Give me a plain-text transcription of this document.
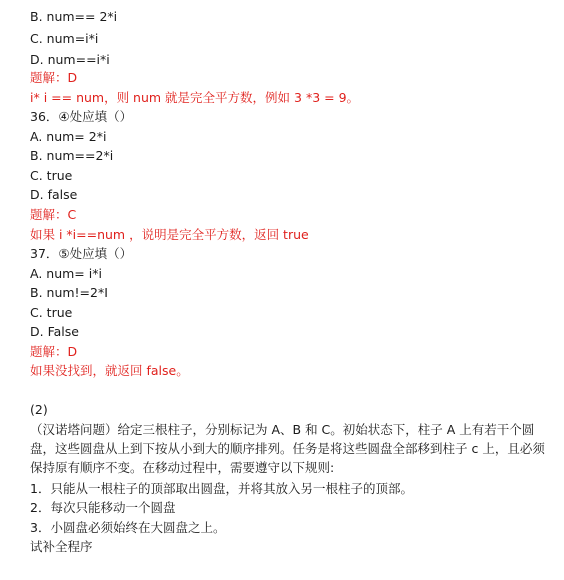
B. num== 2*i
C. num=i*i
D. num==i*i
题解：D
i* i == num，则 num 就是完全平方数，例如 3 *3 = 9。
36．④处应填（）
A. num= 2*i
B. num==2*i
C. true
D. false
题解：C
如果 i *i==num ，说明是完全平方数，返回 true
37．⑤处应填（）
A. num= i*i
B. num!=2*I
C. true
D. False
题解：D
如果没找到，就返回 false。
(2)
（汉诺塔问题）给定三根柱子，分别标记为 A、B 和 C。初始状态下，柱子 A 上有若干个圆盘，这些圆盘从上到下按从小到大的顺序排列。任务是将这些圆盘全部移到柱子 c 上，且必须保持原有顺序不变。在移动过程中，需要遵守以下规则:
1．只能从一根柱子的顶部取出圆盘，并将其放入另一根柱子的顶部。
2．每次只能移动一个圆盘
3．小圆盘必须始终在大圆盘之上。
试补全程序
